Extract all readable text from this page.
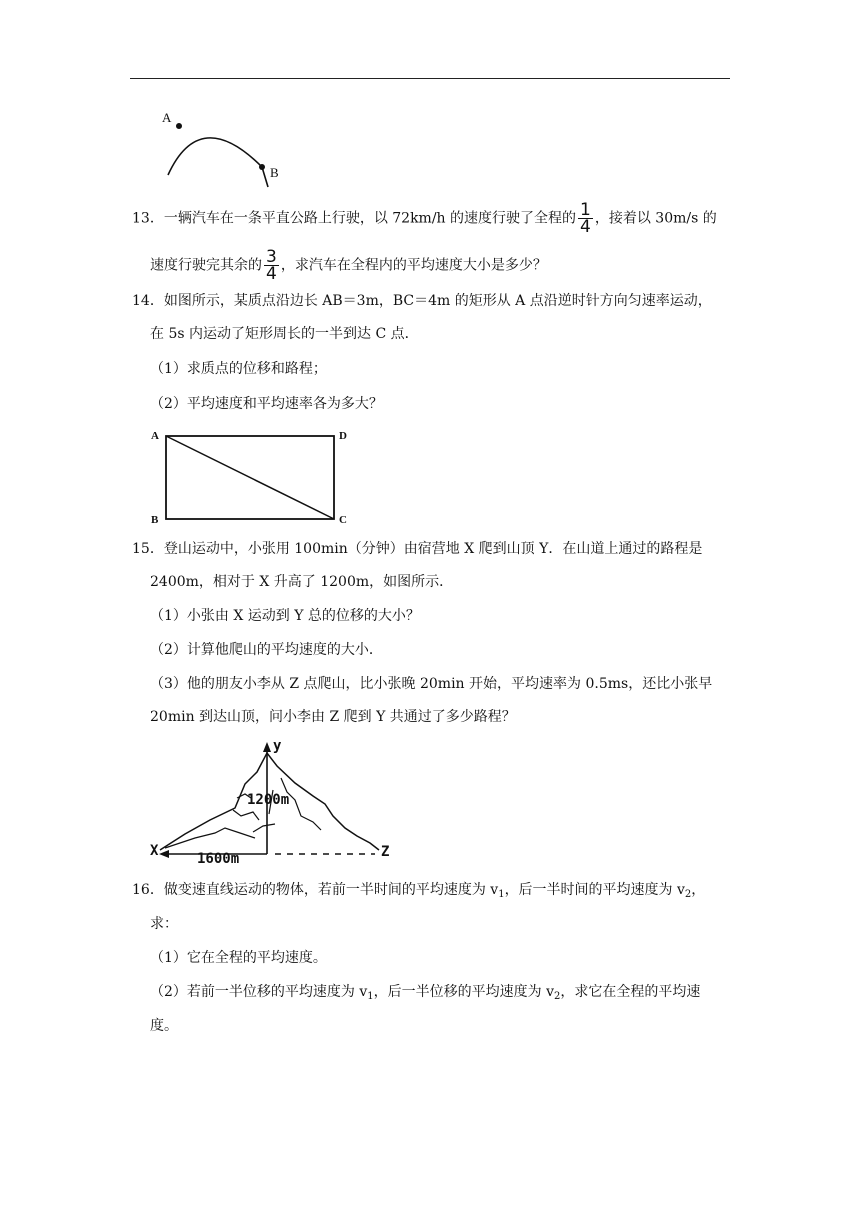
A
B
13．一辆汽车在一条平直公路上行驶，以 72km/h 的速度行驶了全程的 $\frac{1}{4}$ ，接着以 30m/s 的
速度行驶完其余的 $\frac{3}{4}$ ，求汽车在全程内的平均速度大小是多少？
14．如图所示，某质点沿边长 AB＝3m，BC＝4m 的矩形从 A 点沿逆时针方向匀速率运动，
在 5s 内运动了矩形周长的一半到达 C 点．
（1）求质点的位移和路程；
（2）平均速度和平均速率各为多大？
A	D
B	C
15．登山运动中，小张用 100min（分钟）由宿营地 X 爬到山顶 Y．在山道上通过的路程是
2400m，相对于 X 升高了 1200m，如图所示．
（1）小张由 X 运动到 Y 总的位移的大小？
（2）计算他爬山的平均速度的大小．
（3）他的朋友小李从 Z 点爬山，比小张晚 20min 开始，平均速率为 0.5ms，还比小张早
20min 到达山顶，问小李由 Z 爬到 Y 共通过了多少路程？
y
1200m
X	1600m	Z
16．做变速直线运动的物体，若前一半时间的平均速度为 $v_1$，后一半时间的平均速度为 $v_2$，
求：
（1）它在全程的平均速度。
（2）若前一半位移的平均速度为 $v_1$，后一半位移的平均速度为 $v_2$，求它在全程的平均速
度。
